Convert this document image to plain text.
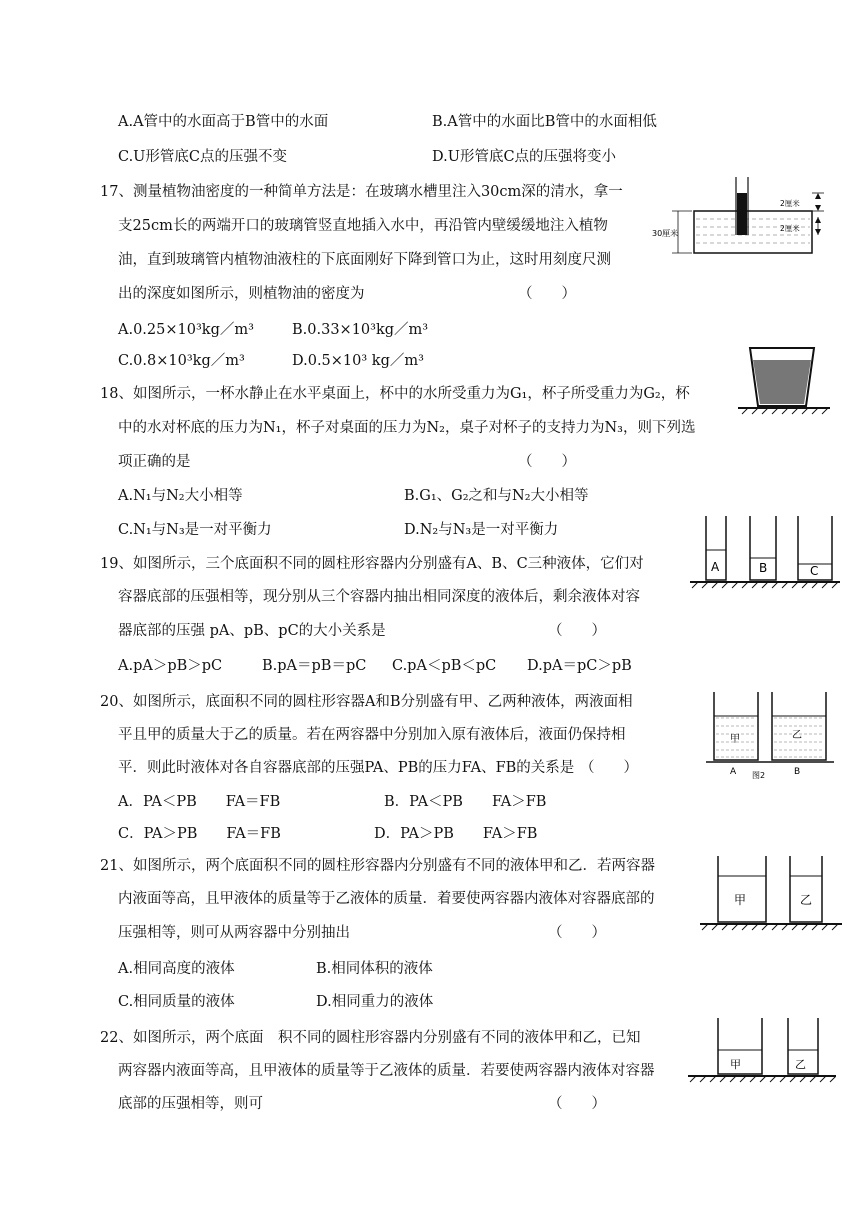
A.A管中的水面高于B管中的水面	B.A管中的水面比B管中的水面相低
C.U形管底C点的压强不变	D.U形管底C点的压强将变小
17、测量植物油密度的一种简单方法是：在玻璃水槽里注入30cm深的清水，拿一
支25cm长的两端开口的玻璃管竖直地插入水中，再沿管内壁缓缓地注入植物
油，直到玻璃管内植物油液柱的下底面刚好下降到管口为止，这时用刻度尺测
出的深度如图所示，则植物油的密度为	（　　）
A.0.25×10³kg／m³	B.0.33×10³kg／m³
C.0.8×10³kg／m³	D.0.5×10³ kg／m³
30厘米
2厘米
2厘米
18、如图所示，一杯水静止在水平桌面上，杯中的水所受重力为G₁，杯子所受重力为G₂，杯
中的水对杯底的压力为N₁，杯子对桌面的压力为N₂，桌子对杯子的支持力为N₃，则下列选
项正确的是	（　　）
A.N₁与N₂大小相等	B.G₁、G₂之和与N₂大小相等
C.N₁与N₃是一对平衡力	D.N₂与N₃是一对平衡力
19、如图所示，三个底面积不同的圆柱形容器内分别盛有A、B、C三种液体，它们对
容器底部的压强相等，现分别从三个容器内抽出相同深度的液体后，剩余液体对容
器底部的压强 pA、pB、pC的大小关系是	（　　）
A.pA＞pB＞pC	B.pA＝pB＝pC C.pA＜pB＜pC D.pA＝pC＞pB
A	B	C
20、如图所示，底面积不同的圆柱形容器A和B分别盛有甲、乙两种液体，两液面相
平且甲的质量大于乙的质量。若在两容器中分别加入原有液体后，液面仍保持相
平．则此时液体对各自容器底部的压强PA、PB的压力FA、FB的关系是 （　　）
A．PA＜PB　　FA＝FB	B．PA＜PB　　FA＞FB
C．PA＞PB　　FA＝FB	D．PA＞PB　　FA＞FB
甲	乙
A	B
图2
21、如图所示，两个底面积不同的圆柱形容器内分别盛有不同的液体甲和乙．若两容器
内液面等高，且甲液体的质量等于乙液体的质量．着要使两容器内液体对容器底部的
压强相等，则可从两容器中分别抽出	（　　）
A.相同高度的液体	B.相同体积的液体
C.相同质量的液体	D.相同重力的液体
甲	乙
22、如图所示，两个底面　积不同的圆柱形容器内分别盛有不同的液体甲和乙，已知
两容器内液面等高，且甲液体的质量等于乙液体的质量．若要使两容器内液体对容器
底部的压强相等，则可	（　　）
甲	乙
